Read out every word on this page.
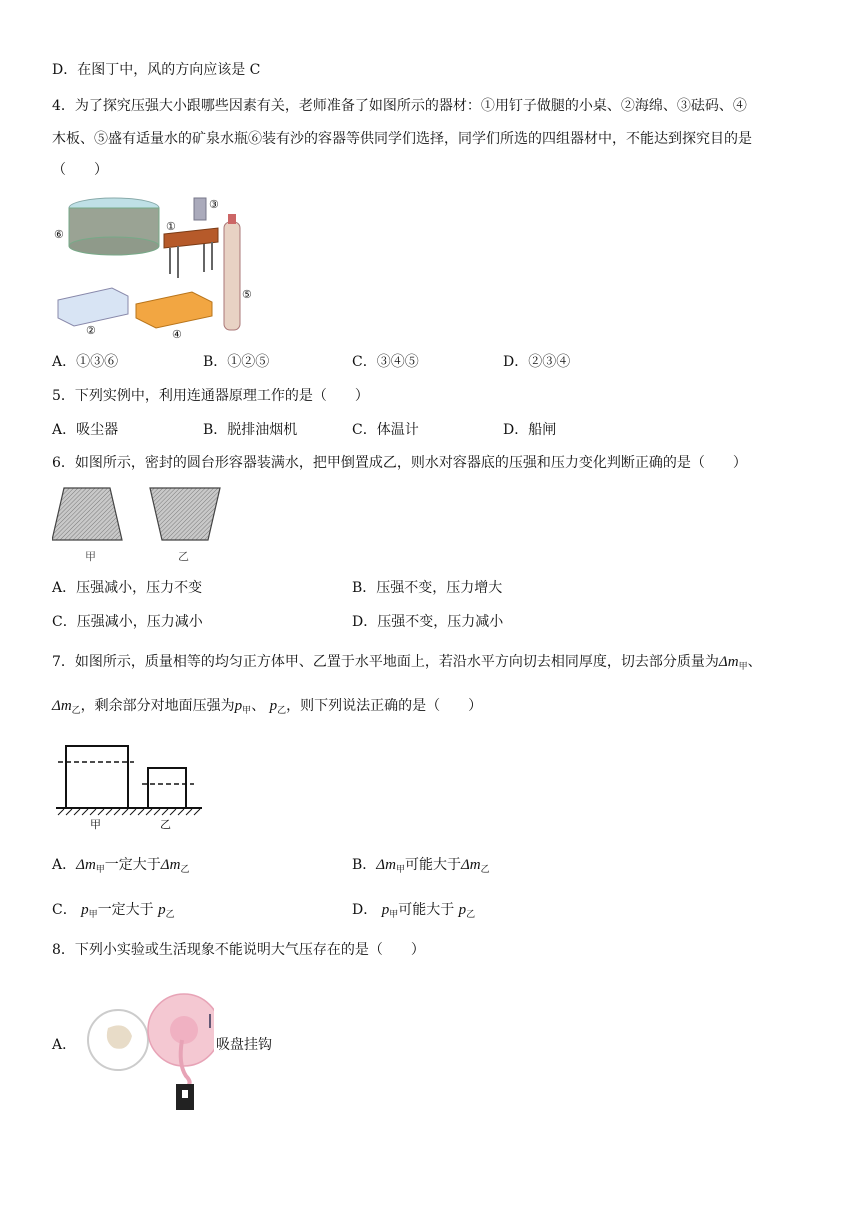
D．在图丁中，风的方向应该是 C
4．为了探究压强大小跟哪些因素有关，老师准备了如图所示的器材：①用钉子做腿的小桌、②海绵、③砝码、④
木板、⑤盛有适量水的矿泉水瓶⑥装有沙的容器等供同学们选择，同学们所选的四组器材中，不能达到探究目的是
（　　）
⑥
①
③
⑤
②	④
A．①③⑥	B．①②⑤	C．③④⑤	D．②③④
5．下列实例中，利用连通器原理工作的是（　　）
A．吸尘器	B．脱排油烟机	C．体温计	D．船闸
6．如图所示，密封的圆台形容器装满水，把甲倒置成乙，则水对容器底的压强和压力变化判断正确的是（　　）
甲	乙
A．压强减小，压力不变	B．压强不变，压力增大
C．压强减小，压力减小	D．压强不变，压力减小
7．如图所示，质量相等的均匀正方体甲、乙置于水平地面上，若沿水平方向切去相同厚度，切去部分质量为$\Delta m_甲$、
$\Delta m_乙$，剩余部分对地面压强为$p_甲$、 $p_乙$，则下列说法正确的是（　　）
甲	乙
A．$\Delta m_甲$一定大于$\Delta m_乙$	B．$\Delta m_甲$可能大于$\Delta m_乙$
C． $p_甲$一定大于 $p_乙$	D． $p_甲$可能大于 $p_乙$
8．下列小实验或生活现象不能说明大气压存在的是（　　）
A．	吸盘挂钩
